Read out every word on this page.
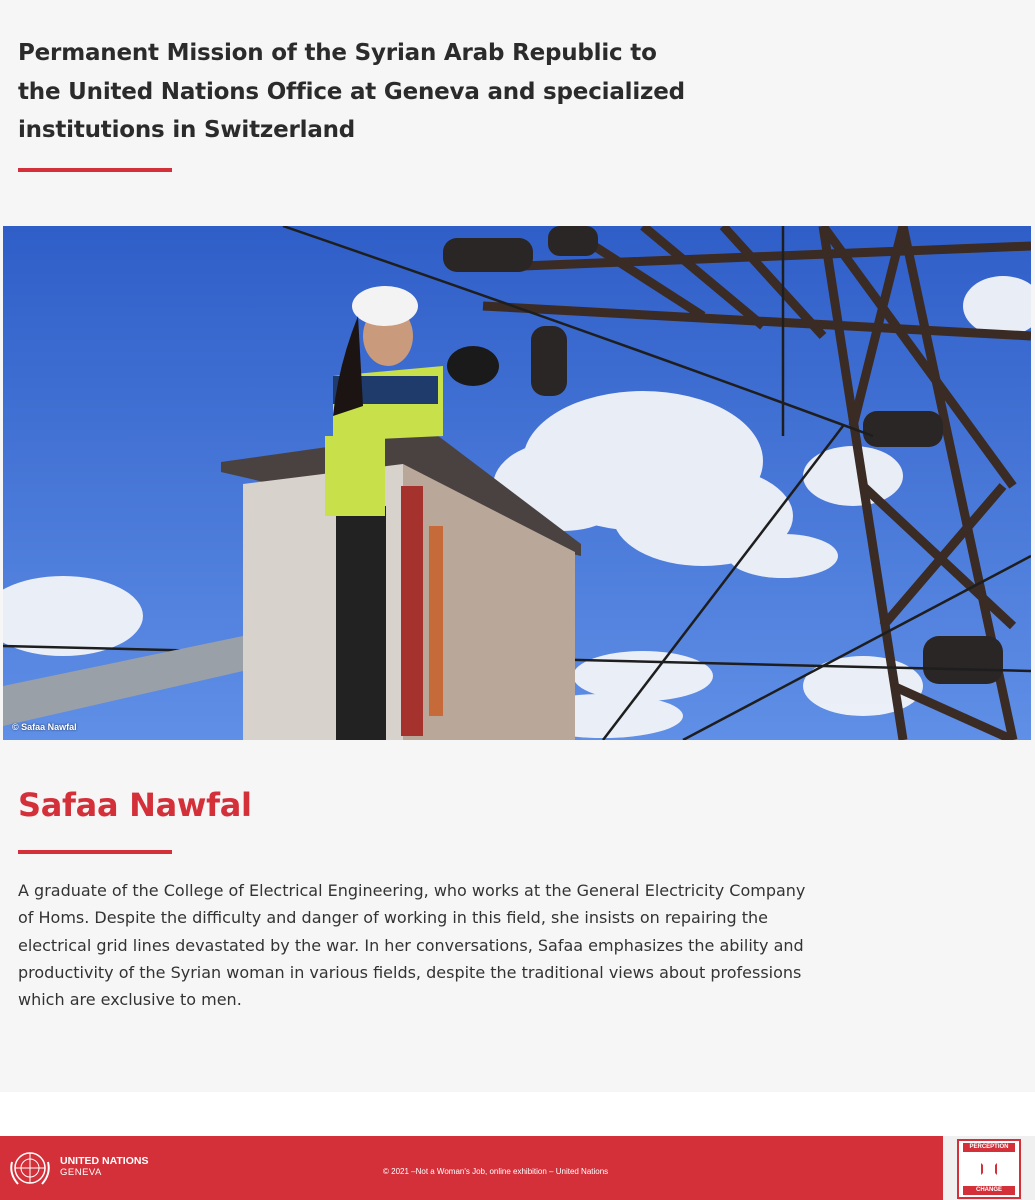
Permanent Mission of the Syrian Arab Republic to
the United Nations Office at Geneva and specialized
institutions in Switzerland
© Safaa Nawfal
Safaa Nawfal

A graduate of the College of Electrical Engineering, who works at the General Electricity Company of Homs. Despite the difficulty and danger of working in this field, she insists on repairing the electrical grid lines devastated by the war. In her conversations, Safaa emphasizes the ability and productivity of the Syrian woman in various fields, despite the traditional views about professions which are exclusive to men.

UNITED NATIONS
GENEVA	© 2021 –Not a Woman's Job, online exhibition – United Nations
PERCEPTION
CHANGE
